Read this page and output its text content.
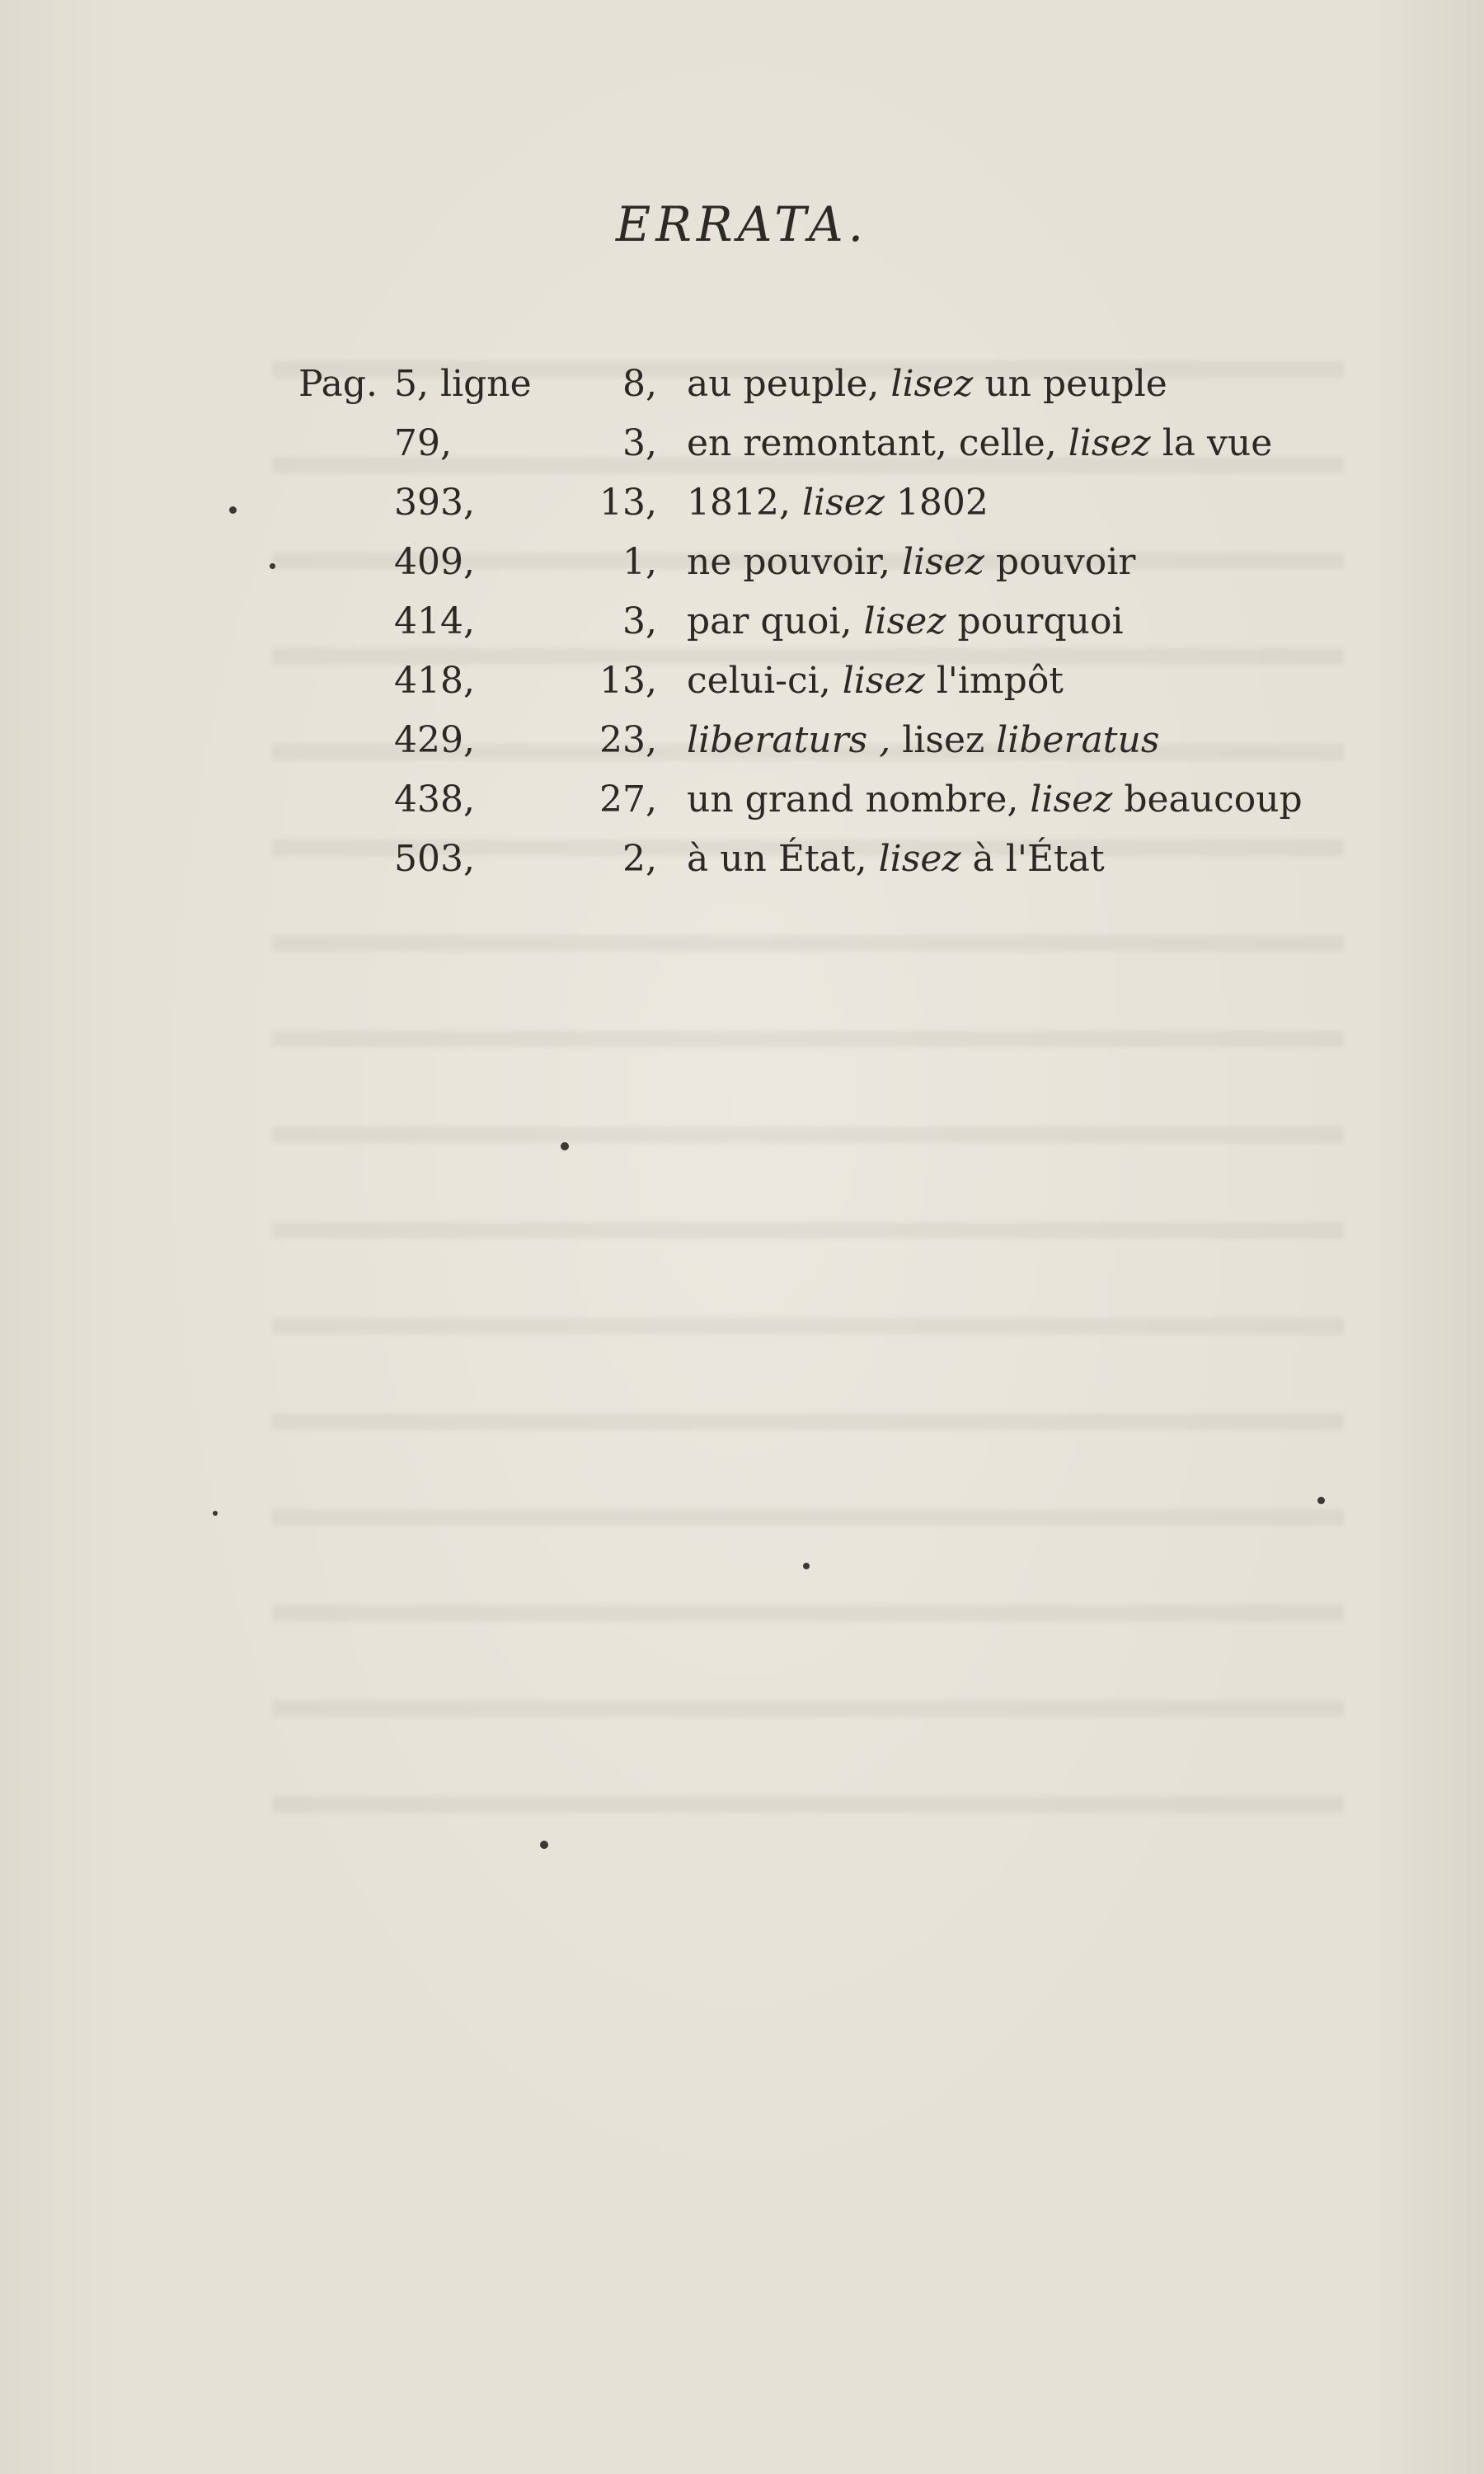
ERRATA.
Pag. 5, ligne	8, au peuple, lisez un peuple
79,	3, en remontant, celle, lisez la vue
393,	13, 1812, lisez 1802
409,	1, ne pouvoir, lisez pouvoir
414,	3, par quoi, lisez pourquoi
418,	13, celui-ci, lisez l'impôt
429,	23, liberaturs , lisez liberatus
438,	27, un grand nombre, lisez beaucoup
503,	2, à un État, lisez à l'État
